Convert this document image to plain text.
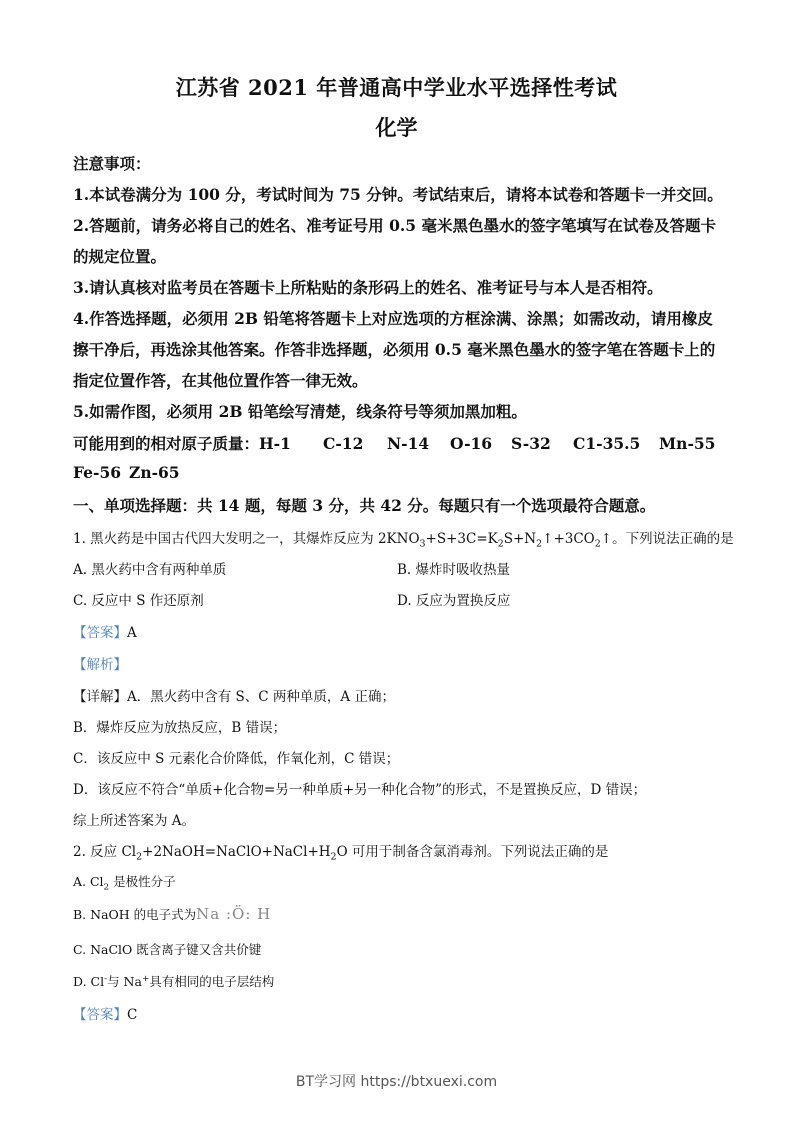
江苏省 2021 年普通高中学业水平选择性考试
化学
注意事项：
1.本试卷满分为 100 分，考试时间为 75 分钟。考试结束后，请将本试卷和答题卡一并交回。
2.答题前，请务必将自己的姓名、准考证号用 0.5 毫米黑色墨水的签字笔填写在试卷及答题卡
的规定位置。
3.请认真核对监考员在答题卡上所粘贴的条形码上的姓名、准考证号与本人是否相符。
4.作答选择题，必须用 2B 铅笔将答题卡上对应选项的方框涂满、涂黑；如需改动，请用橡皮
擦干净后，再选涂其他答案。作答非选择题，必须用 0.5 毫米黑色墨水的签字笔在答题卡上的
指定位置作答，在其他位置作答一律无效。
5.如需作图，必须用 2B 铅笔绘写清楚，线条符号等须加黑加粗。
可能用到的相对原子质量：H-1 C-12 N-14 O-16 S-32 C1-35.5 Mn-55
Fe-56 Zn-65
一、单项选择题：共 14 题，每题 3 分，共 42 分。每题只有一个选项最符合题意。
1. 黑火药是中国古代四大发明之一，其爆炸反应为 $2KNO_3+S+3C=K_2S+N_2↑+3CO_2↑$。下列说法正确的是
A. 黑火药中含有两种单质	B. 爆炸时吸收热量
C. 反应中 S 作还原剂	D. 反应为置换反应
【答案】A
【解析】
【详解】A．黑火药中含有 S、C 两种单质，A 正确；
B．爆炸反应为放热反应，B 错误；
C．该反应中 S 元素化合价降低，作氧化剂，C 错误；
D．该反应不符合“单质+化合物=另一种单质+另一种化合物”的形式，不是置换反应，D 错误；
综上所述答案为 A。
2. 反应 $Cl_2+2NaOH=NaClO+NaCl+H_2O$ 可用于制备含氯消毒剂。下列说法正确的是
A. $Cl_2$ 是极性分子
B. NaOH 的电子式为Na :Ö: H
C. NaClO 既含离子键又含共价键
D. Cl-与 Na+具有相同的电子层结构
【答案】C
BT学习网 https://btxuexi.com
